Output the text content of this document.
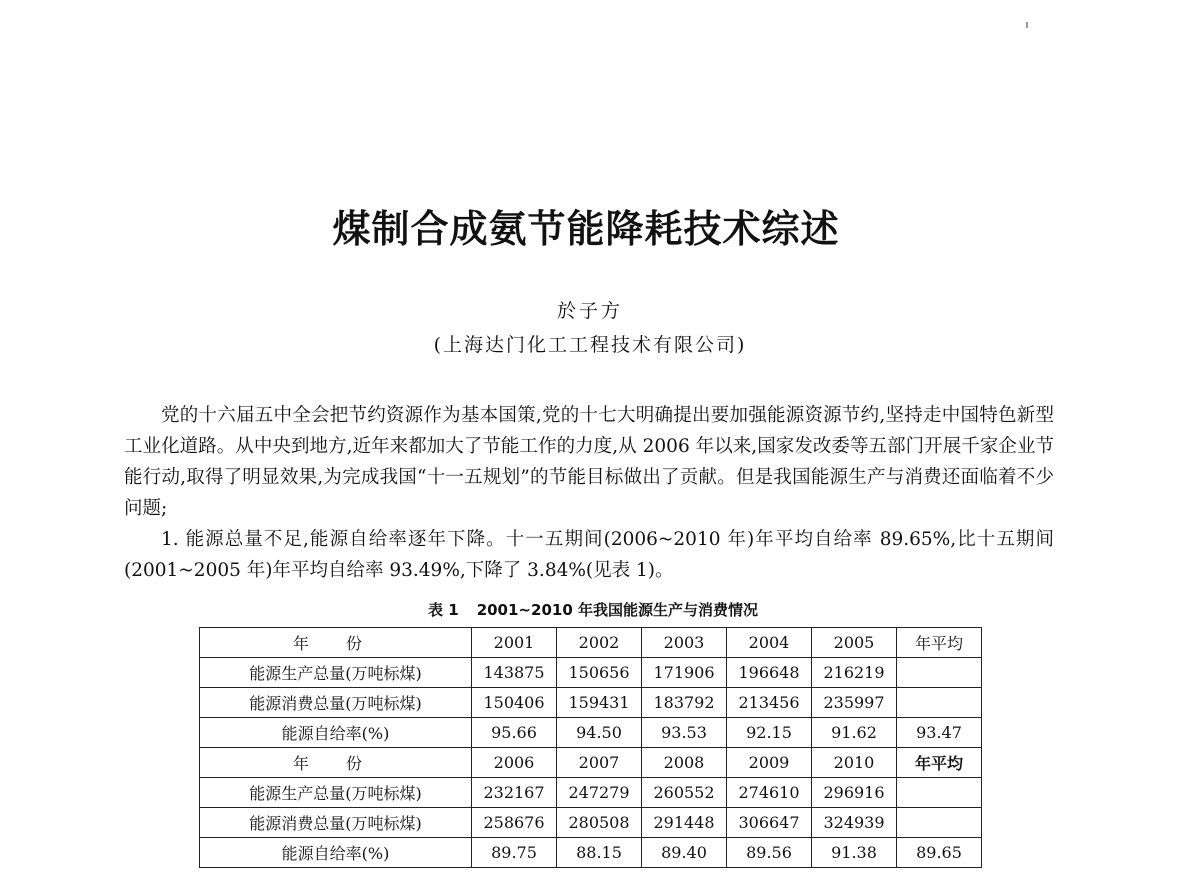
煤制合成氨节能降耗技术综述
於子方
(上海达门化工工程技术有限公司)

党的十六届五中全会把节约资源作为基本国策,党的十七大明确提出要加强能源资源节约,坚持走中国特色新型工业化道路。从中央到地方,近年来都加大了节能工作的力度,从 2006 年以来,国家发改委等五部门开展千家企业节能行动,取得了明显效果,为完成我国“十一五规划”的节能目标做出了贡献。但是我国能源生产与消费还面临着不少问题;

1. 能源总量不足,能源自给率逐年下降。十一五期间(2006~2010 年)年平均自给率 89.65%,比十五期间(2001~2005 年)年平均自给率 93.49%,下降了 3.84%(见表 1)。

表 1 2001~2010 年我国能源生产与消费情况
年 份	2001	2002	2003	2004	2005	年平均
能源生产总量(万吨标煤)	143875	150656	171906	196648	216219	
能源消费总量(万吨标煤)	150406	159431	183792	213456	235997	
能源自给率(%)	95.66	94.50	93.53	92.15	91.62	93.47
年 份	2006	2007	2008	2009	2010	年平均
能源生产总量(万吨标煤)	232167	247279	260552	274610	296916	
能源消费总量(万吨标煤)	258676	280508	291448	306647	324939	
能源自给率(%)	89.75	88.15	89.40	89.56	91.38	89.65
